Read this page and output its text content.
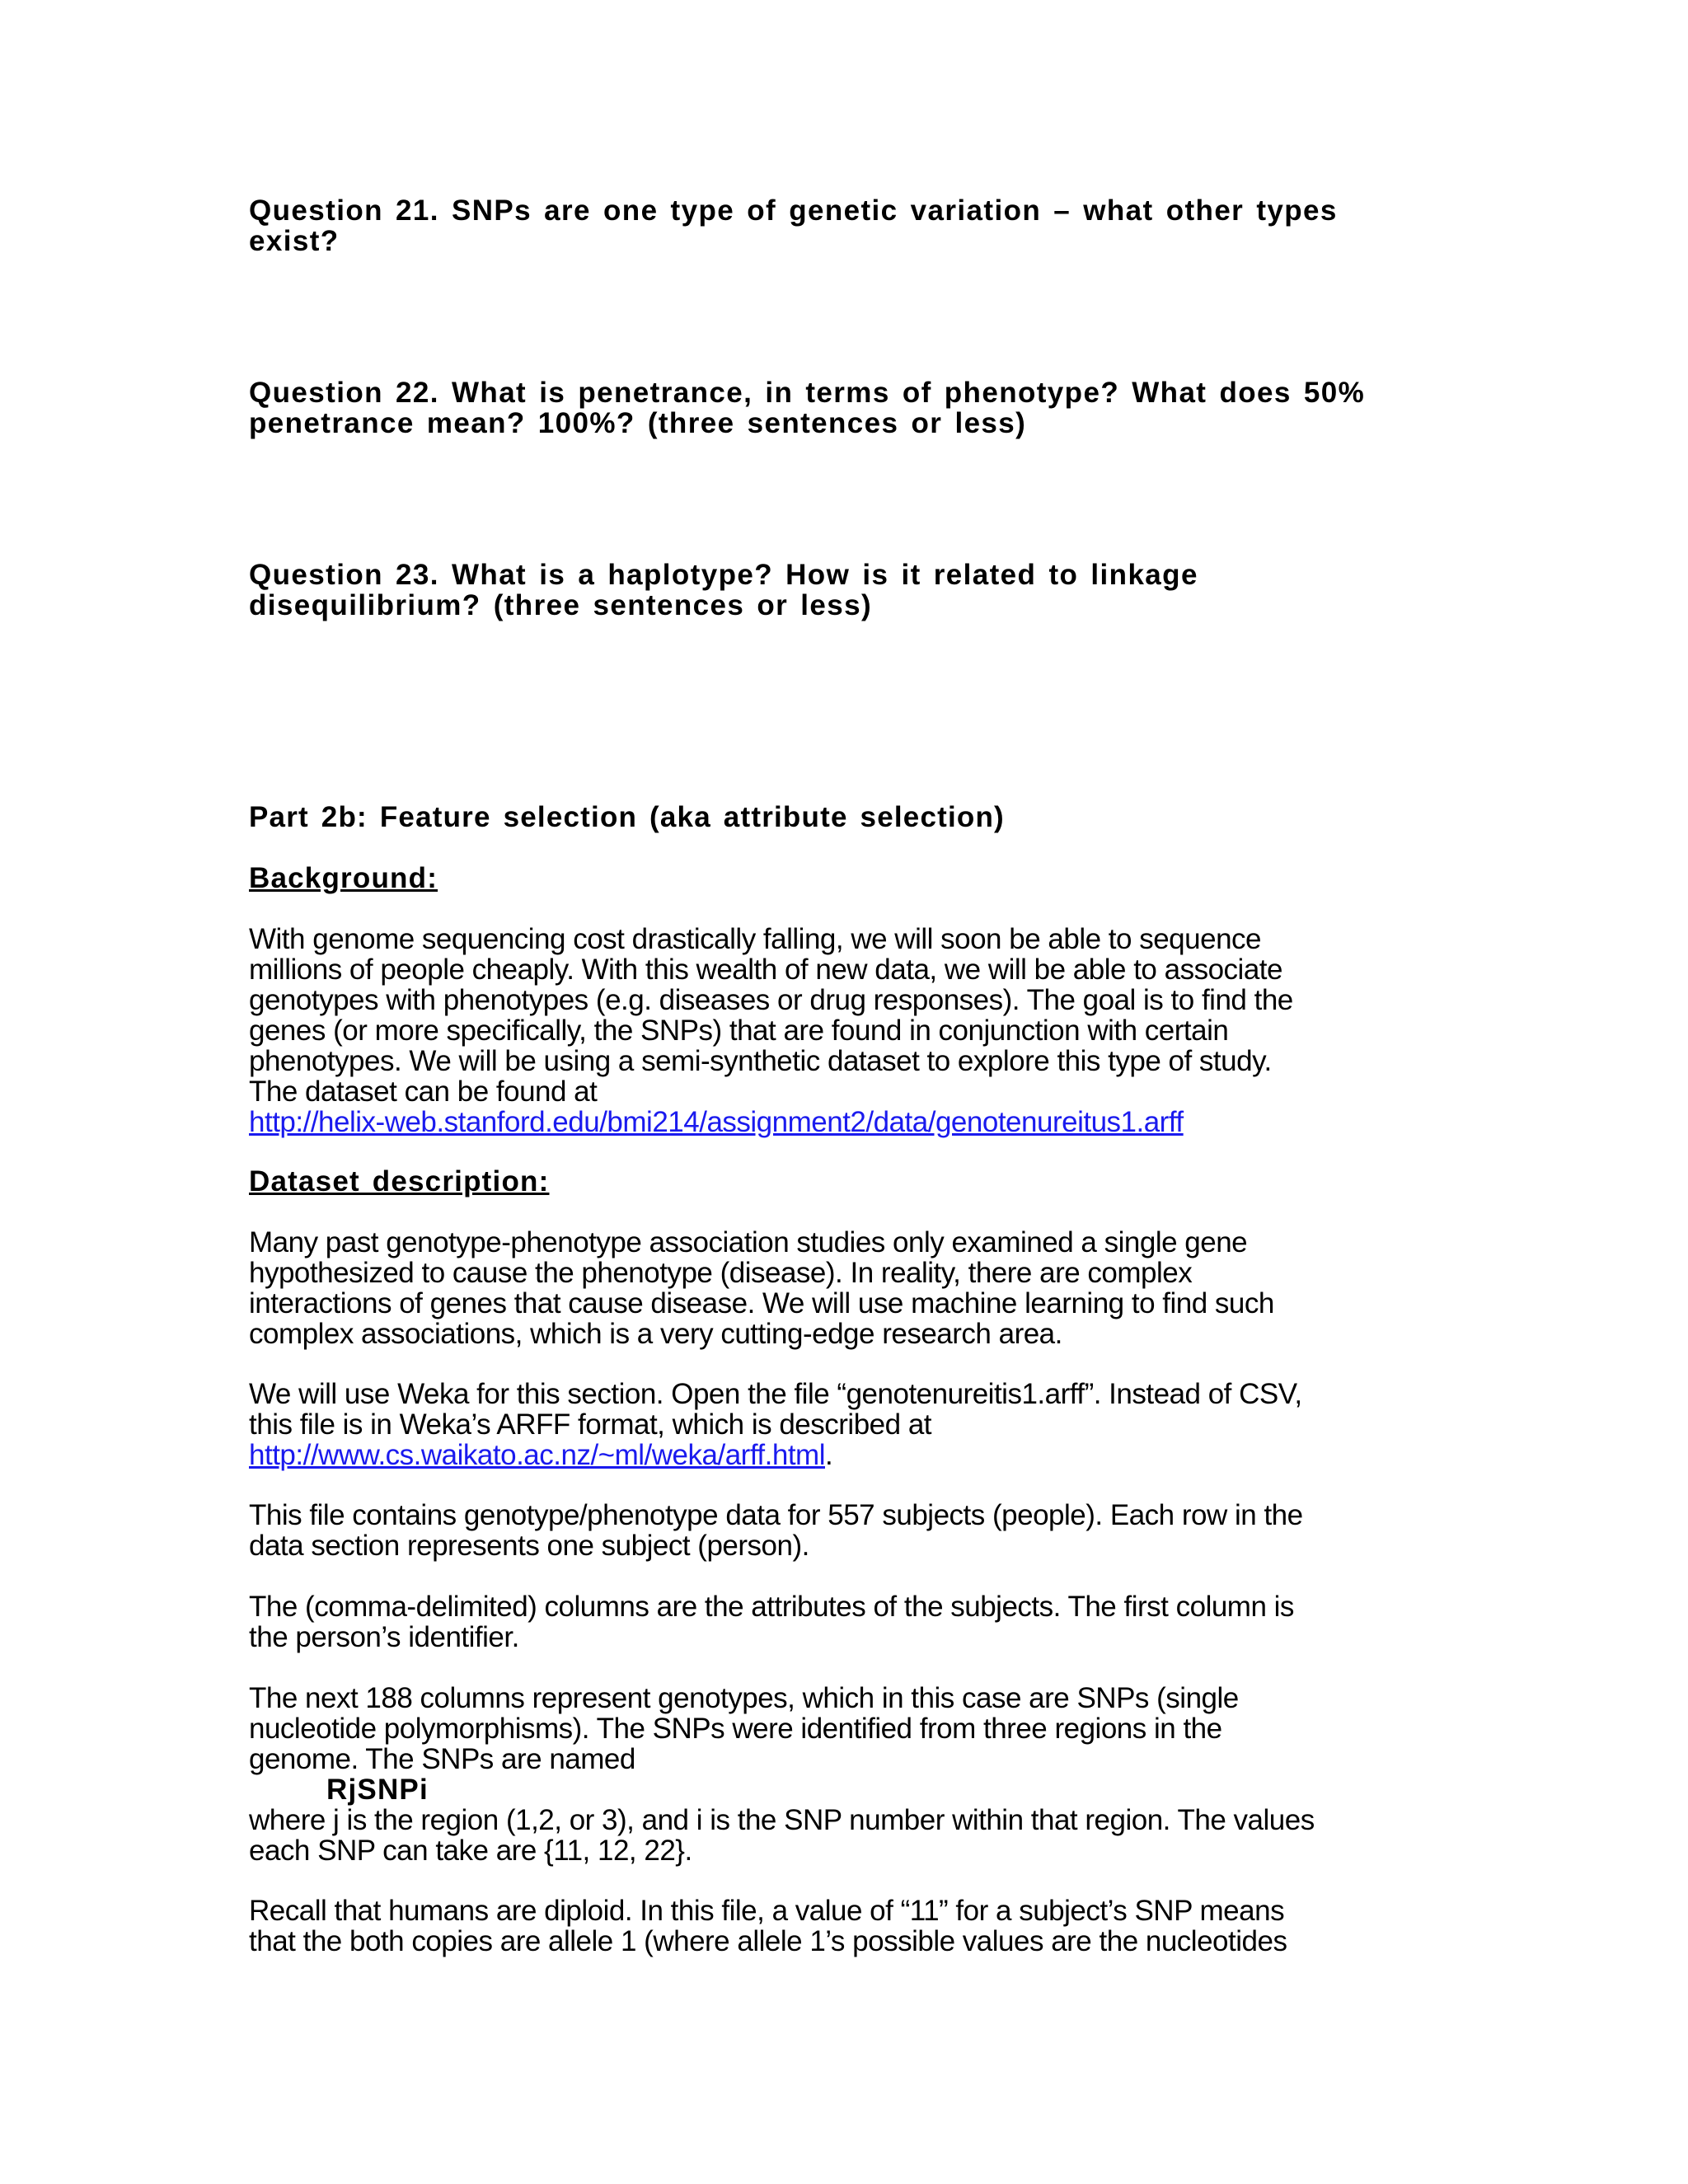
Question 21. SNPs are one type of genetic variation – what other types
exist?
Question 22. What is penetrance, in terms of phenotype? What does 50%
penetrance mean? 100%? (three sentences or less)
Question 23. What is a haplotype? How is it related to linkage
disequilibrium? (three sentences or less)
Part 2b: Feature selection (aka attribute selection)
Background:
With genome sequencing cost drastically falling, we will soon be able to sequence
millions of people cheaply. With this wealth of new data, we will be able to associate
genotypes with phenotypes (e.g. diseases or drug responses). The goal is to find the
genes (or more specifically, the SNPs) that are found in conjunction with certain
phenotypes. We will be using a semi-synthetic dataset to explore this type of study.
The dataset can be found at
http://helix-web.stanford.edu/bmi214/assignment2/data/genotenureitus1.arff
Dataset description:
Many past genotype-phenotype association studies only examined a single gene
hypothesized to cause the phenotype (disease). In reality, there are complex
interactions of genes that cause disease. We will use machine learning to find such
complex associations, which is a very cutting-edge research area.
We will use Weka for this section. Open the file “genotenureitis1.arff”. Instead of CSV,
this file is in Weka’s ARFF format, which is described at
http://www.cs.waikato.ac.nz/~ml/weka/arff.html.
This file contains genotype/phenotype data for 557 subjects (people). Each row in the
data section represents one subject (person).
The (comma-delimited) columns are the attributes of the subjects. The first column is
the person’s identifier.
The next 188 columns represent genotypes, which in this case are SNPs (single
nucleotide polymorphisms). The SNPs were identified from three regions in the
genome. The SNPs are named
RjSNPi
where j is the region (1,2, or 3), and i is the SNP number within that region. The values
each SNP can take are {11, 12, 22}.
Recall that humans are diploid. In this file, a value of “11” for a subject’s SNP means
that the both copies are allele 1 (where allele 1’s possible values are the nucleotides
